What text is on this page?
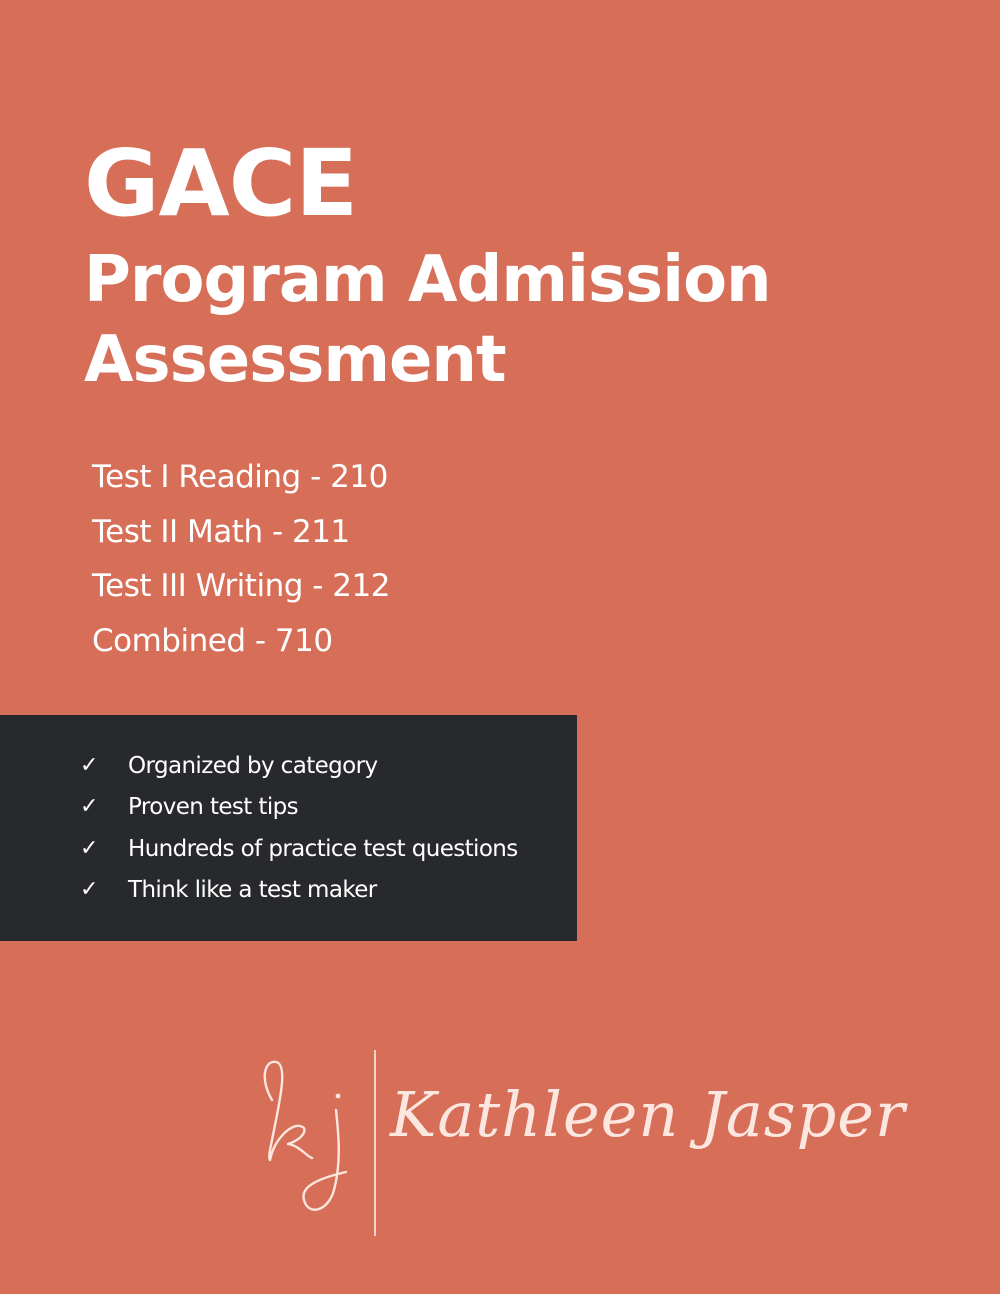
GACE
Program Admission
Assessment
Test I Reading - 210
Test II Math - 211
Test III Writing - 212
Combined - 710
✓	Organized by category
✓	Proven test tips
✓	Hundreds of practice test questions
✓	Think like a test maker
Kathleen Jasper
